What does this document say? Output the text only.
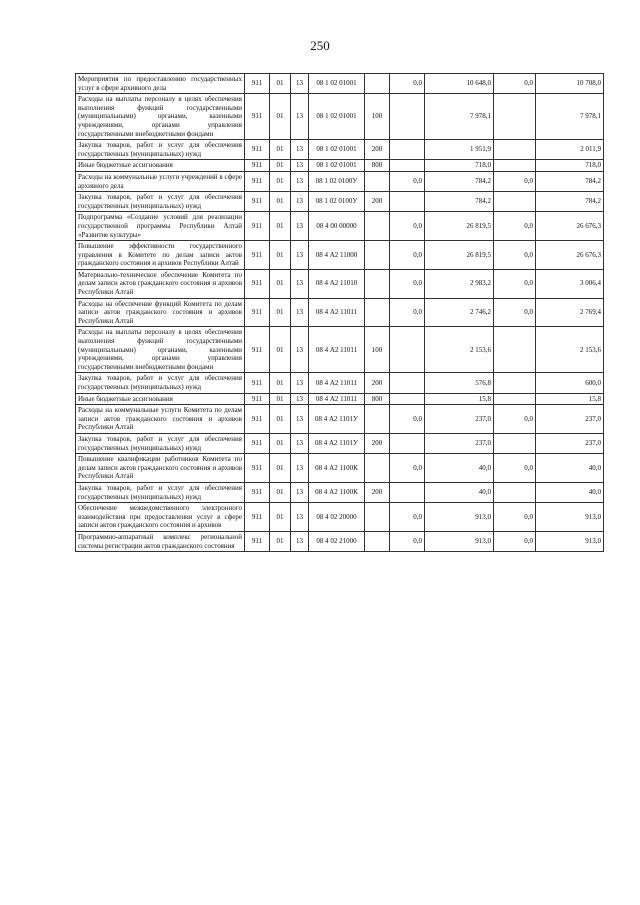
250
Мероприятия по предоставлению государственных услуг в сфере архивного дела	911	01	13	08 1 02 01001		0,0	10 648,0	0,0	10 708,0
Расходы на выплаты персоналу в целях обеспечения выполнения функций государственными (муниципальными) органами, казенными учреждениями, органами управления государственными внебюджетными фондами	911	01	13	08 1 02 01001	100		7 978,1		7 978,1
Закупка товаров, работ и услуг для обеспечения государственных (муниципальных) нужд	911	01	13	08 1 02 01001	200		1 951,9		2 011,9
Иные бюджетные ассигнования	911	01	13	08 1 02 01001	800		718,0		718,0
Расходы на коммунальные услуги учреждений в сфере архивного дела	911	01	13	08 1 02 0100У		0,0	784,2	0,0	784,2
Закупка товаров, работ и услуг для обеспечения государственных (муниципальных) нужд	911	01	13	08 1 02 0100У	200		784,2		784,2
Подпрограмма «Создание условий для реализации государственной программы Республики Алтай «Развитие культуры»	911	01	13	08 4 00 00000		0,0	26 819,5	0,0	26 676,3
Повышение эффективности государственного управления в Комитете по делам записи актов гражданского состояния и архивов Республики Алтай	911	01	13	08 4 А2 11000		0,0	26 819,5	0,0	26 676,3
Материально-техническое обеспечение Комитета по делам записи актов гражданского состояния и архивов Республики Алтай	911	01	13	08 4 А2 11010		0,0	2 983,2	0,0	3 006,4
Расходы на обеспечение функций Комитета по делам записи актов гражданского состояния и архивов Республики Алтай	911	01	13	08 4 А2 11011		0,0	2 746,2	0,0	2 769,4
Расходы на выплаты персоналу в целях обеспечения выполнения функций государственными (муниципальными) органами, казенными учреждениями, органами управления государственными внебюджетными фондами	911	01	13	08 4 А2 11011	100		2 153,6		2 153,6
Закупка товаров, работ и услуг для обеспечения государственных (муниципальных) нужд	911	01	13	08 4 А2 11011	200		576,8		600,0
Иные бюджетные ассигнования	911	01	13	08 4 А2 11011	800		15,8		15,8
Расходы на коммунальные услуги Комитета по делам записи актов гражданского состояния и архивов Республики Алтай	911	01	13	08 4 А2 1101У		0,0	237,0	0,0	237,0
Закупка товаров, работ и услуг для обеспечения государственных (муниципальных) нужд	911	01	13	08 4 А2 1101У	200		237,0		237,0
Повышение квалификации работников Комитета по делам записи актов гражданского состояния и архивов Республики Алтай	911	01	13	08 4 А2 1100К		0,0	40,0	0,0	40,0
Закупка товаров, работ и услуг для обеспечения государственных (муниципальных) нужд	911	01	13	08 4 А2 1100К	200		40,0		40,0
Обеспечение межведомственного электронного взаимодействия при предоставлении услуг в сфере записи актов гражданского состояния и архивов	911	01	13	08 4 02 20000		0,0	913,0	0,0	913,0
Программно-аппаратный комплекс региональной системы регистрации актов гражданского состояния	911	01	13	08 4 02 21000		0,0	913,0	0,0	913,0
